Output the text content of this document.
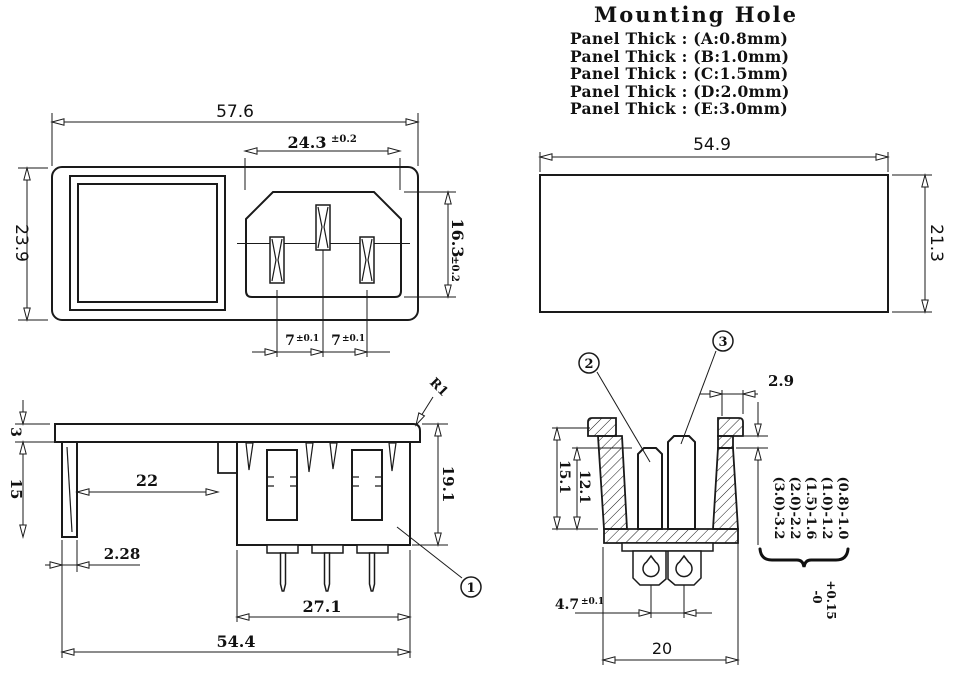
57.6
23.9
24.3 ±0.2
16.3
±0.2
7 ±0.1 7 ±0.1
54.9
21.3
1
3
15	22
2.28
19.1
27.1
54.4
R1
2
3
2.9
15.1 12.1
4.7 ±0.1
20
(0.8)-1.0
(1.0)-1.2
(1.5)-1.6
(2.0)-2.2
(3.0)-3.2
+0.15
-0
Mounting Hole
Panel Thick : (A:0.8mm)
Panel Thick : (B:1.0mm)
Panel Thick : (C:1.5mm)
Panel Thick : (D:2.0mm)
Panel Thick : (E:3.0mm)
